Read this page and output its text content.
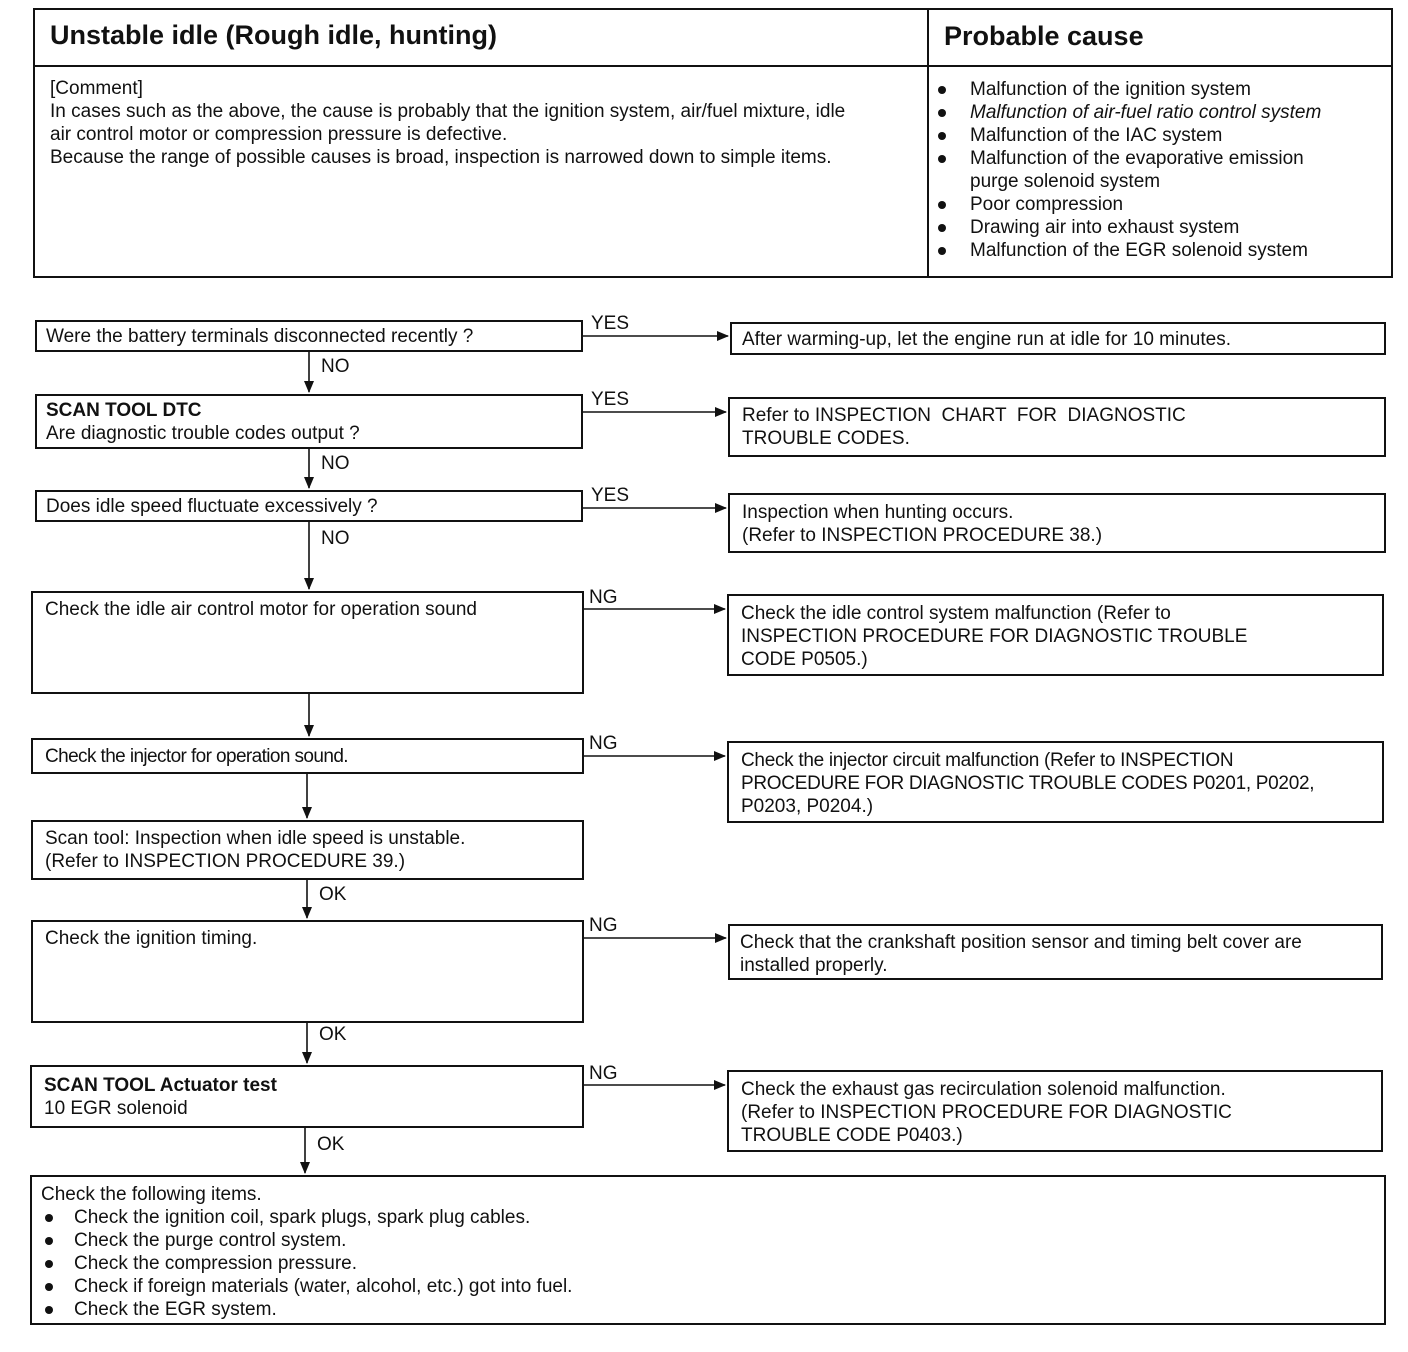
Unstable idle (Rough idle, hunting)	Probable cause
[Comment]
In cases such as the above, the cause is probably that the ignition system, air/fuel mixture, idle
air control motor or compression pressure is defective.
Because the range of possible causes is broad, inspection is narrowed down to simple items.
Malfunction of the ignition system
Malfunction of air-fuel ratio control system
Malfunction of the IAC system
Malfunction of the evaporative emission
purge solenoid system
Poor compression
Drawing air into exhaust system
Malfunction of the EGR solenoid system
Were the battery terminals disconnected recently ?
YES
NO
After warming-up, let the engine run at idle for 10 minutes.
SCAN TOOL DTC
Are diagnostic trouble codes output ?
YES
NO
Refer to INSPECTION  CHART  FOR  DIAGNOSTIC
TROUBLE CODES.
Does idle speed fluctuate excessively ?
YES
NO
Inspection when hunting occurs.
(Refer to INSPECTION PROCEDURE 38.)
Check the idle air control motor for operation sound
NG
Check the idle control system malfunction (Refer to
INSPECTION PROCEDURE FOR DIAGNOSTIC TROUBLE
CODE P0505.)
Check the injector for operation sound.
NG
Check the injector circuit malfunction (Refer to INSPECTION
PROCEDURE FOR DIAGNOSTIC TROUBLE CODES P0201, P0202,
P0203, P0204.)
Scan tool: Inspection when idle speed is unstable.
(Refer to INSPECTION PROCEDURE 39.)
OK
Check the ignition timing.
NG
OK
Check that the crankshaft position sensor and timing belt cover are
installed properly.
SCAN TOOL Actuator test
10 EGR solenoid
NG
OK
Check the exhaust gas recirculation solenoid malfunction.
(Refer to INSPECTION PROCEDURE FOR DIAGNOSTIC
TROUBLE CODE P0403.)
Check the following items.
Check the ignition coil, spark plugs, spark plug cables.
Check the purge control system.
Check the compression pressure.
Check if foreign materials (water, alcohol, etc.) got into fuel.
Check the EGR system.
